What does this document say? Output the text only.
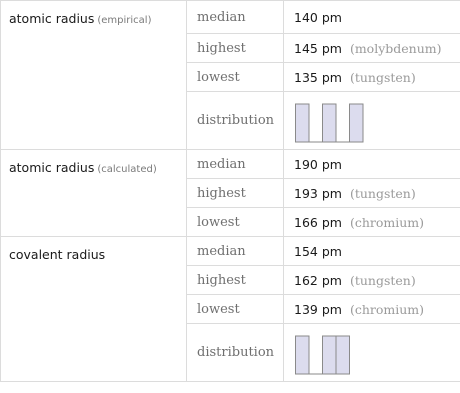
atomic radius (empirical)	median	140 pm
	highest	145 pm (molybdenum)
	lowest	135 pm (tungsten)
	distribution	

atomic radius (calculated)	median	190 pm
	highest	193 pm (tungsten)
	lowest	166 pm (chromium)
covalent radius	median	154 pm
	highest	162 pm (tungsten)
	lowest	139 pm (chromium)
	distribution	
